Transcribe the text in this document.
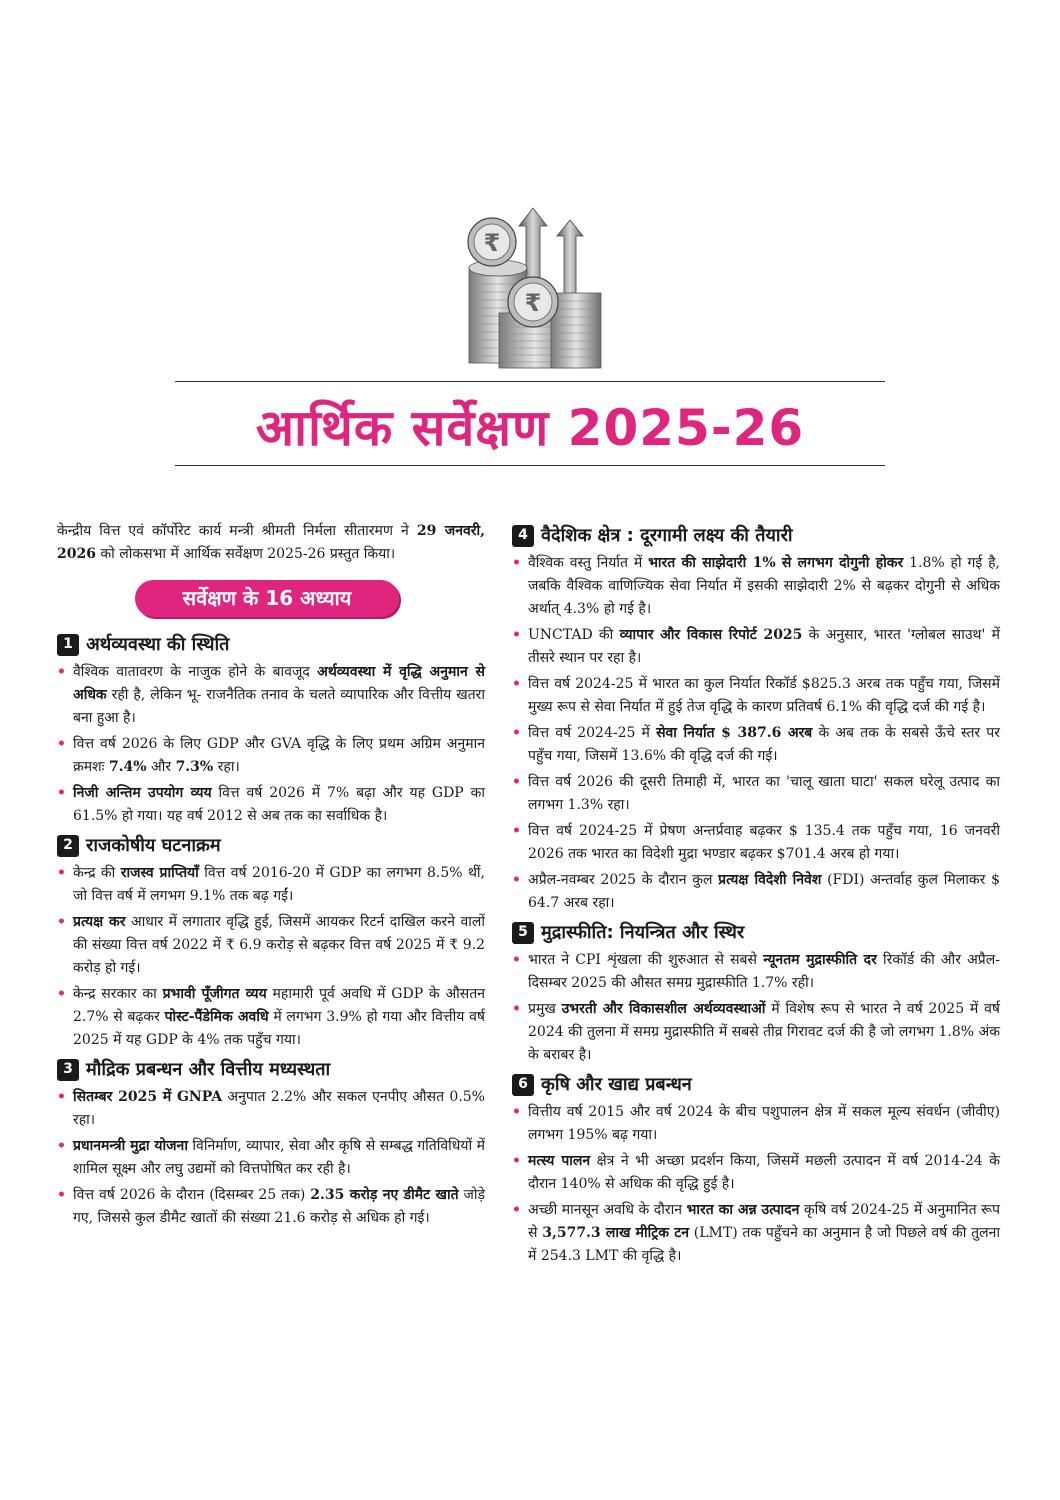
₹
₹
आर्थिक सर्वेक्षण 2025-26

केन्द्रीय वित्त एवं कॉर्पोरेट कार्य मन्त्री श्रीमती निर्मला सीतारमण ने 29 जनवरी, 2026 को लोकसभा में आर्थिक सर्वेक्षण 2025-26 प्रस्तुत किया।

सर्वेक्षण के 16 अध्याय
1 अर्थव्यवस्था की स्थिति
• वैश्विक वातावरण के नाजुक होने के बावजूद अर्थव्यवस्था में वृद्धि अनुमान से अधिक रही है, लेकिन भू- राजनैतिक तनाव के चलते व्यापारिक और वित्तीय खतरा बना हुआ है।
• वित्त वर्ष 2026 के लिए GDP और GVA वृद्धि के लिए प्रथम अग्रिम अनुमान क्रमशः 7.4% और 7.3% रहा।
• निजी अन्तिम उपयोग व्यय वित्त वर्ष 2026 में 7% बढ़ा और यह GDP का 61.5% हो गया। यह वर्ष 2012 से अब तक का सर्वाधिक है।
2 राजकोषीय घटनाक्रम
• केन्द्र की राजस्व प्राप्तियाँ वित्त वर्ष 2016-20 में GDP का लगभग 8.5% थीं, जो वित्त वर्ष में लगभग 9.1% तक बढ़ गईं।
• प्रत्यक्ष कर आधार में लगातार वृद्धि हुई, जिसमें आयकर रिटर्न दाखिल करने वालों की संख्या वित्त वर्ष 2022 में ₹ 6.9 करोड़ से बढ़कर वित्त वर्ष 2025 में ₹ 9.2 करोड़ हो गई।
• केन्द्र सरकार का प्रभावी पूँजीगत व्यय महामारी पूर्व अवधि में GDP के औसतन 2.7% से बढ़कर पोस्ट-पैंडेमिक अवधि में लगभग 3.9% हो गया और वित्तीय वर्ष 2025 में यह GDP के 4% तक पहुँच गया।
3 मौद्रिक प्रबन्धन और वित्तीय मध्यस्थता
• सितम्बर 2025 में GNPA अनुपात 2.2% और सकल एनपीए औसत 0.5% रहा।
• प्रधानमन्त्री मुद्रा योजना विनिर्माण, व्यापार, सेवा और कृषि से सम्बद्ध गतिविधियों में शामिल सूक्ष्म और लघु उद्यमों को वित्तपोषित कर रही है।
• वित्त वर्ष 2026 के दौरान (दिसम्बर 25 तक) 2.35 करोड़ नए डीमैट खाते जोड़े गए, जिससे कुल डीमैट खातों की संख्या 21.6 करोड़ से अधिक हो गई।
4 वैदेशिक क्षेत्र : दूरगामी लक्ष्य की तैयारी
• वैश्विक वस्तु निर्यात में भारत की साझेदारी 1% से लगभग दोगुनी होकर 1.8% हो गई है, जबकि वैश्विक वाणिज्यिक सेवा निर्यात में इसकी साझेदारी 2% से बढ़कर दोगुनी से अधिक अर्थात् 4.3% हो गई है।
• UNCTAD की व्यापार और विकास रिपोर्ट 2025 के अनुसार, भारत 'ग्लोबल साउथ' में तीसरे स्थान पर रहा है।
• वित्त वर्ष 2024-25 में भारत का कुल निर्यात रिकॉर्ड $825.3 अरब तक पहुँच गया, जिसमें मुख्य रूप से सेवा निर्यात में हुई तेज वृद्धि के कारण प्रतिवर्ष 6.1% की वृद्धि दर्ज की गई है।
• वित्त वर्ष 2024-25 में सेवा निर्यात $ 387.6 अरब के अब तक के सबसे ऊँचे स्तर पर पहुँच गया, जिसमें 13.6% की वृद्धि दर्ज की गई।
• वित्त वर्ष 2026 की दूसरी तिमाही में, भारत का 'चालू खाता घाटा' सकल घरेलू उत्पाद का लगभग 1.3% रहा।
• वित्त वर्ष 2024-25 में प्रेषण अन्तर्प्रवाह बढ़कर $ 135.4 तक पहुँच गया, 16 जनवरी 2026 तक भारत का विदेशी मुद्रा भण्डार बढ़कर $701.4 अरब हो गया।
• अप्रैल-नवम्बर 2025 के दौरान कुल प्रत्यक्ष विदेशी निवेश (FDI) अन्तर्वाह कुल मिलाकर $ 64.7 अरब रहा।
5 मुद्रास्फीति: नियन्त्रित और स्थिर
• भारत ने CPI शृंखला की शुरुआत से सबसे न्यूनतम मुद्रास्फीति दर रिकॉर्ड की और अप्रैल-दिसम्बर 2025 की औसत समग्र मुद्रास्फीति 1.7% रही।
• प्रमुख उभरती और विकासशील अर्थव्यवस्थाओं में विशेष रूप से भारत ने वर्ष 2025 में वर्ष 2024 की तुलना में समग्र मुद्रास्फीति में सबसे तीव्र गिरावट दर्ज की है जो लगभग 1.8% अंक के बराबर है।
6 कृषि और खाद्य प्रबन्धन
• वित्तीय वर्ष 2015 और वर्ष 2024 के बीच पशुपालन क्षेत्र में सकल मूल्य संवर्धन (जीवीए) लगभग 195% बढ़ गया।
• मत्स्य पालन क्षेत्र ने भी अच्छा प्रदर्शन किया, जिसमें मछली उत्पादन में वर्ष 2014-24 के दौरान 140% से अधिक की वृद्धि हुई है।
• अच्छी मानसून अवधि के दौरान भारत का अन्न उत्पादन कृषि वर्ष 2024-25 में अनुमानित रूप से 3,577.3 लाख मीट्रिक टन (LMT) तक पहुँचने का अनुमान है जो पिछले वर्ष की तुलना में 254.3 LMT की वृद्धि है।
